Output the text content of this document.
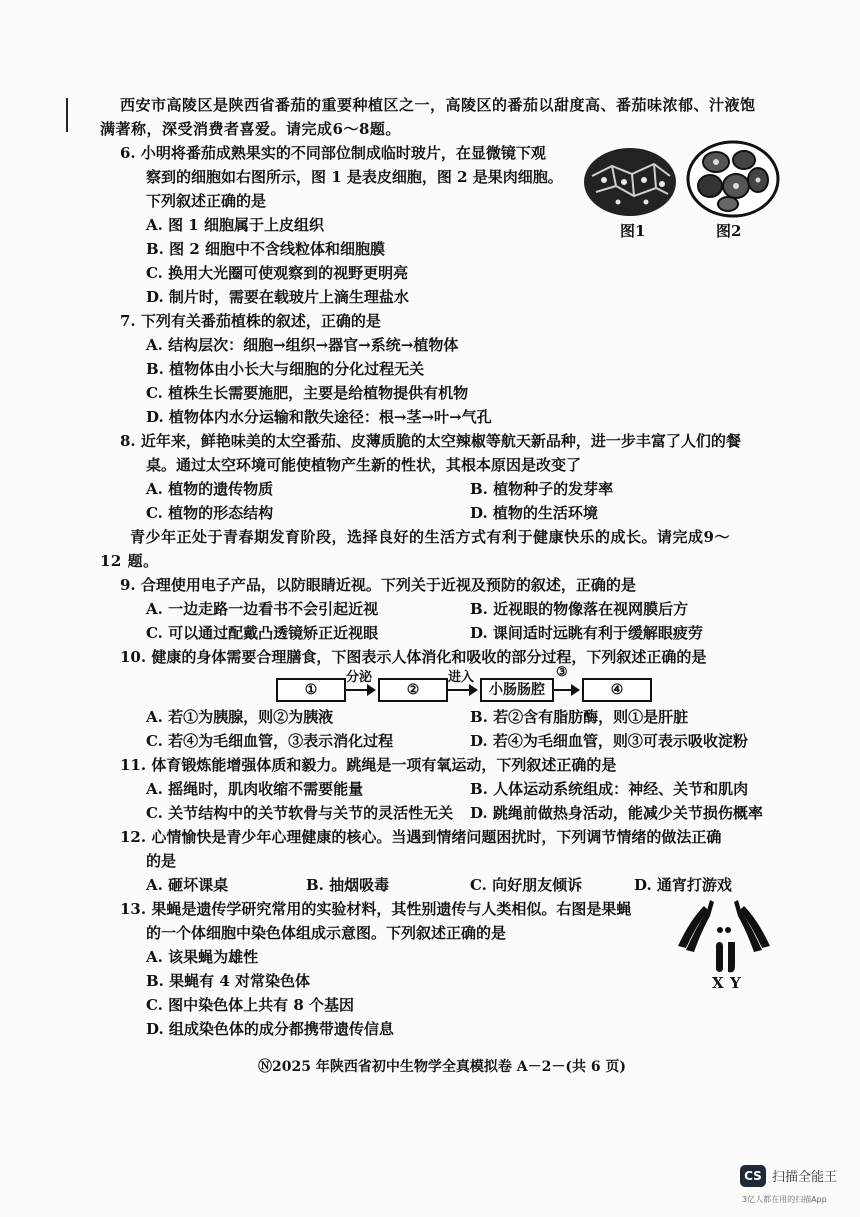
西安市高陵区是陕西省番茄的重要种植区之一，高陵区的番茄以甜度高、番茄味浓郁、汁液饱
满著称，深受消费者喜爱。请完成6～8题。
6. 小明将番茄成熟果实的不同部位制成临时玻片，在显微镜下观
察到的细胞如右图所示，图 1 是表皮细胞，图 2 是果肉细胞。
下列叙述正确的是
A. 图 1 细胞属于上皮组织
B. 图 2 细胞中不含线粒体和细胞膜
C. 换用大光圈可使观察到的视野更明亮
D. 制片时，需要在载玻片上滴生理盐水
图1	图2
7. 下列有关番茄植株的叙述，正确的是
A. 结构层次：细胞→组织→器官→系统→植物体
B. 植物体由小长大与细胞的分化过程无关
C. 植株生长需要施肥，主要是给植物提供有机物
D. 植物体内水分运输和散失途径：根→茎→叶→气孔
8. 近年来，鲜艳味美的太空番茄、皮薄质脆的太空辣椒等航天新品种，进一步丰富了人们的餐
桌。通过太空环境可能使植物产生新的性状，其根本原因是改变了
A. 植物的遗传物质	B. 植物种子的发芽率
C. 植物的形态结构	D. 植物的生活环境
青少年正处于青春期发育阶段，选择良好的生活方式有利于健康快乐的成长。请完成9～
12 题。
9. 合理使用电子产品，以防眼睛近视。下列关于近视及预防的叙述，正确的是
A. 一边走路一边看书不会引起近视	B. 近视眼的物像落在视网膜后方
C. 可以通过配戴凸透镜矫正近视眼	D. 课间适时远眺有利于缓解眼疲劳
10. 健康的身体需要合理膳食，下图表示人体消化和吸收的部分过程，下列叙述正确的是
①
分泌
②
进入
小肠肠腔
③
④
A. 若①为胰腺，则②为胰液	B. 若②含有脂肪酶，则①是肝脏
C. 若④为毛细血管，③表示消化过程	D. 若④为毛细血管，则③可表示吸收淀粉
11. 体育锻炼能增强体质和毅力。跳绳是一项有氧运动，下列叙述正确的是
A. 摇绳时，肌肉收缩不需要能量	B. 人体运动系统组成：神经、关节和肌肉
C. 关节结构中的关节软骨与关节的灵活性无关 D. 跳绳前做热身活动，能减少关节损伤概率
12. 心情愉快是青少年心理健康的核心。当遇到情绪问题困扰时，下列调节情绪的做法正确
的是
A. 砸坏课桌	B. 抽烟吸毒	C. 向好朋友倾诉	D. 通宵打游戏
13. 果蝇是遗传学研究常用的实验材料，其性别遗传与人类相似。右图是果蝇
的一个体细胞中染色体组成示意图。下列叙述正确的是
A. 该果蝇为雄性
B. 果蝇有 4 对常染色体
C. 图中染色体上共有 8 个基因
D. 组成染色体的成分都携带遗传信息
X Y
Ⓝ2025 年陕西省初中生物学全真模拟卷 A－2－(共 6 页)
CS 扫描全能王
3亿人都在用的扫描App
